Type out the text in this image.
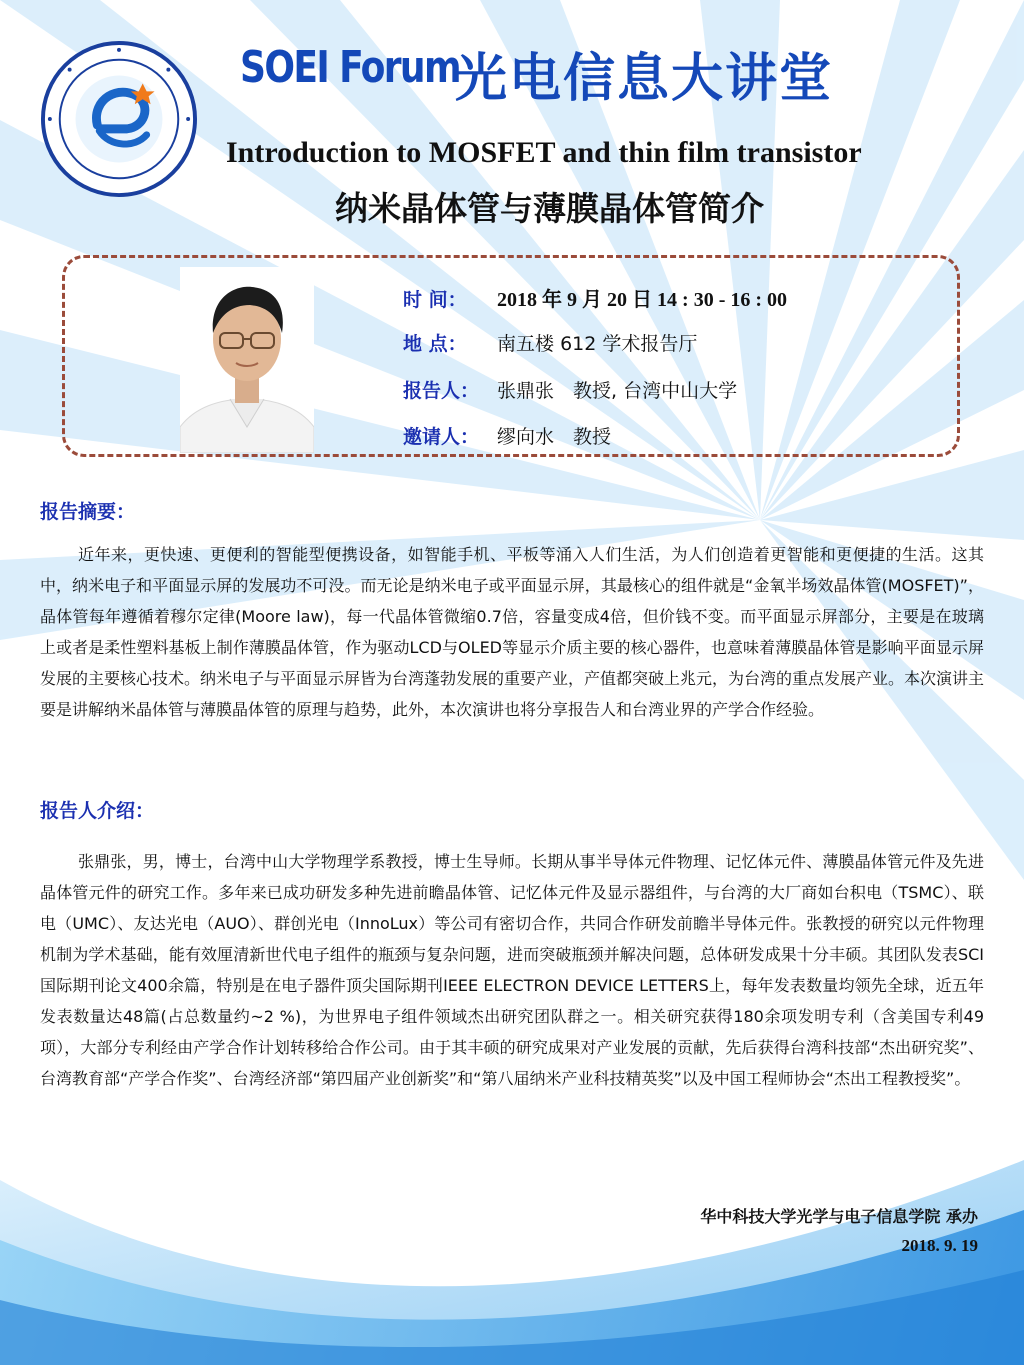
SOEI Forum
光电信息大讲堂
Introduction to MOSFET and thin film transistor
纳米晶体管与薄膜晶体管简介
时 间： 2018 年 9 月 20 日 14 : 30 - 16 : 00
地 点： 南五楼 612 学术报告厅
报告人： 张鼎张　教授, 台湾中山大学
邀请人： 缪向水　教授
报告摘要：

近年来，更快速、更便利的智能型便携设备，如智能手机、平板等涌入人们生活，为人们创造着更智能和更便捷的生活。这其中，纳米电子和平面显示屏的发展功不可没。而无论是纳米电子或平面显示屏，其最核心的组件就是“金氧半场效晶体管(MOSFET)”，晶体管每年遵循着穆尔定律(Moore law)，每一代晶体管微缩0.7倍，容量变成4倍，但价钱不变。而平面显示屏部分，主要是在玻璃上或者是柔性塑料基板上制作薄膜晶体管，作为驱动LCD与OLED等显示介质主要的核心器件，也意味着薄膜晶体管是影响平面显示屏发展的主要核心技术。纳米电子与平面显示屏皆为台湾蓬勃发展的重要产业，产值都突破上兆元，为台湾的重点发展产业。本次演讲主要是讲解纳米晶体管与薄膜晶体管的原理与趋势，此外，本次演讲也将分享报告人和台湾业界的产学合作经验。

报告人介绍：

张鼎张，男，博士，台湾中山大学物理学系教授，博士生导师。长期从事半导体元件物理、记忆体元件、薄膜晶体管元件及先进晶体管元件的研究工作。多年来已成功研发多种先进前瞻晶体管、记忆体元件及显示器组件，与台湾的大厂商如台积电（TSMC）、联电（UMC）、友达光电（AUO）、群创光电（InnoLux）等公司有密切合作，共同合作研发前瞻半导体元件。张教授的研究以元件物理机制为学术基础，能有效厘清新世代电子组件的瓶颈与复杂问题，进而突破瓶颈并解决问题，总体研发成果十分丰硕。其团队发表SCI国际期刊论文400余篇，特别是在电子器件顶尖国际期刊IEEE ELECTRON DEVICE LETTERS上，每年发表数量均领先全球，近五年发表数量达48篇(占总数量约~2 %)，为世界电子组件领域杰出研究团队群之一。相关研究获得180余项发明专利（含美国专利49项），大部分专利经由产学合作计划转移给合作公司。由于其丰硕的研究成果对产业发展的贡献，先后获得台湾科技部“杰出研究奖”、台湾教育部“产学合作奖”、台湾经济部“第四届产业创新奖”和“第八届纳米产业科技精英奖”以及中国工程师协会“杰出工程教授奖”。

华中科技大学光学与电子信息学院 承办
2018. 9. 19
